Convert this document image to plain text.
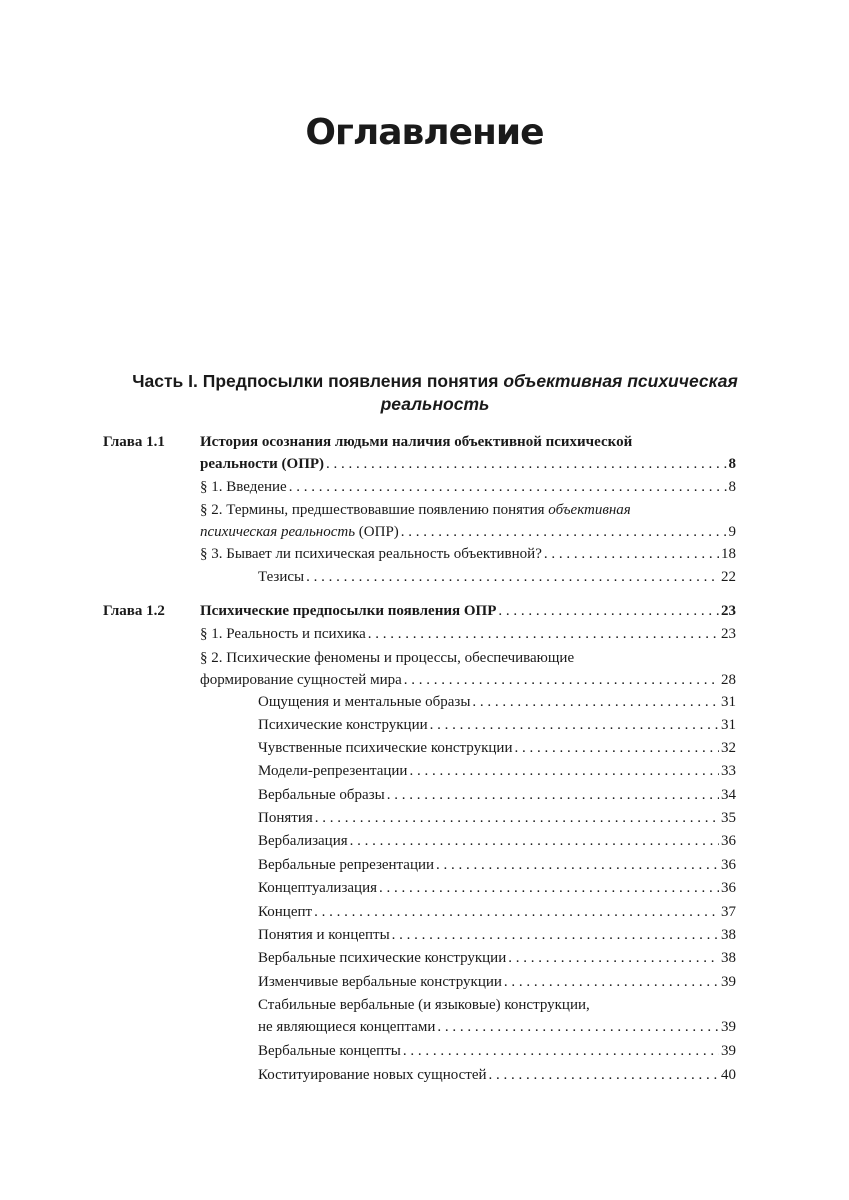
Оглавление
Часть I. Предпосылки появления понятия объективная психическая реальность
Глава 1.1 История осознания людьми наличия объективной психической
реальности (ОПР) . . .	8
§ 1. Введение . . .	8
§ 2. Термины, предшествовавшие появлению понятия объективная
психическая реальность (ОПР) . . .	9
§ 3. Бывает ли психическая реальность объективной? . . .	18
Тезисы . . .	22
Глава 1.2 Психические предпосылки появления ОПР . . .	23
§ 1. Реальность и психика . . .	23
§ 2. Психические феномены и процессы, обеспечивающие
формирование сущностей мира . . .	28
Ощущения и ментальные образы . . .	31
Психические конструкции . . .	31
Чувственные психические конструкции . . .	32
Модели-репрезентации . . .	33
Вербальные образы . . .	34
Понятия . . .	35
Вербализация . . .	36
Вербальные репрезентации . . .	36
Концептуализация . . .	36
Концепт . . .	37
Понятия и концепты . . .	38
Вербальные психические конструкции . . .	38
Изменчивые вербальные конструкции . . .	39
Стабильные вербальные (и языковые) конструкции,
не являющиеся концептами . . .	39
Вербальные концепты . . .	39
Коституирование новых сущностей . . .	40
